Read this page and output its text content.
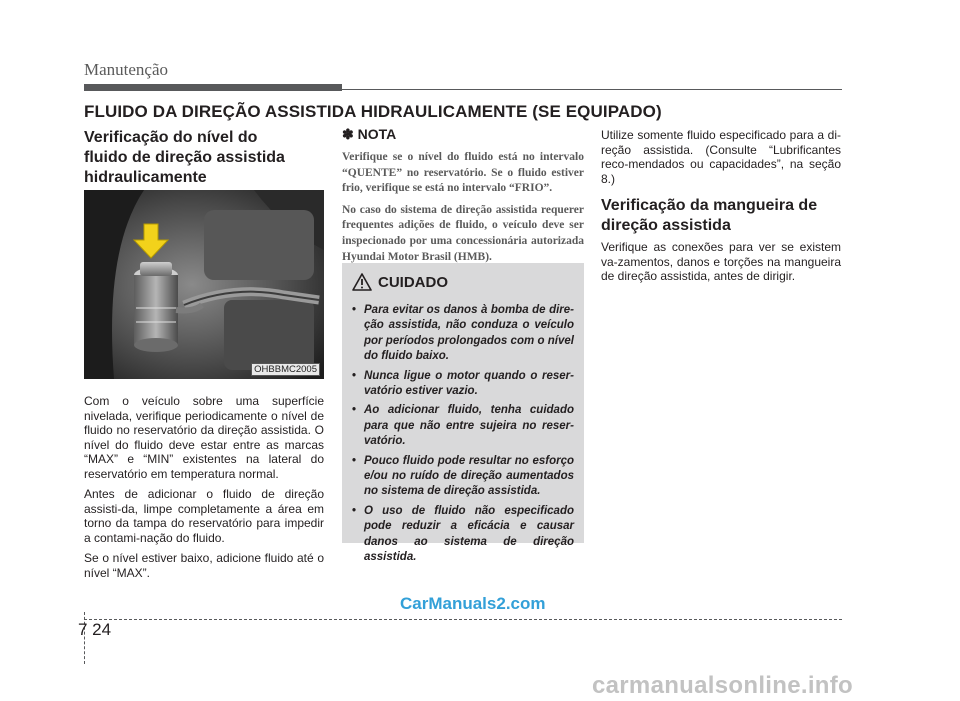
Manutenção
FLUIDO DA DIREÇÃO ASSISTIDA HIDRAULICAMENTE (SE EQUIPADO)
Verificação do nível do
fluido de direção assistida
hidraulicamente
OHBBMC2005

Com o veículo sobre uma superfície nivelada, verifique periodicamente o nível de fluido no reservatório da direção assistida. O nível do fluido deve estar entre as marcas “MAX” e “MIN” existentes na lateral do reservatório em temperatura normal.

Antes de adicionar o fluido de direção assisti-da, limpe completamente a área em torno da tampa do reservatório para impedir a contami-nação do fluido.

Se o nível estiver baixo, adicione fluido até o nível “MAX”.

✽ NOTA

Verifique se o nível do fluido está no intervalo “QUENTE” no reservatório. Se o fluido estiver frio, verifique se está no intervalo “FRIO”.

No caso do sistema de direção assistida requerer frequentes adições de fluido, o veículo deve ser inspecionado por uma concessionária autorizada Hyundai Motor Brasil (HMB).

CUIDADO
• Para evitar os danos à bomba de dire-ção assistida, não conduza o veículo por períodos prolongados com o nível do fluido baixo.
• Nunca ligue o motor quando o reser-vatório estiver vazio.
• Ao adicionar fluido, tenha cuidado para que não entre sujeira no reser-vatório.
• Pouco fluido pode resultar no esforço e/ou no ruído de direção aumentados no sistema de direção assistida.
• O uso de fluido não especificado pode reduzir a eficácia e causar danos ao sistema de direção assistida.
Utilize somente fluido especificado para a di-reção assistida. (Consulte “Lubrificantes reco-mendados ou capacidades”, na seção 8.)
Verificação da mangueira de
direção assistida
Verifique as conexões para ver se existem va-zamentos, danos e torções na mangueira de direção assistida, antes de dirigir.
CarManuals2.com
7 24
carmanualsonline.info
